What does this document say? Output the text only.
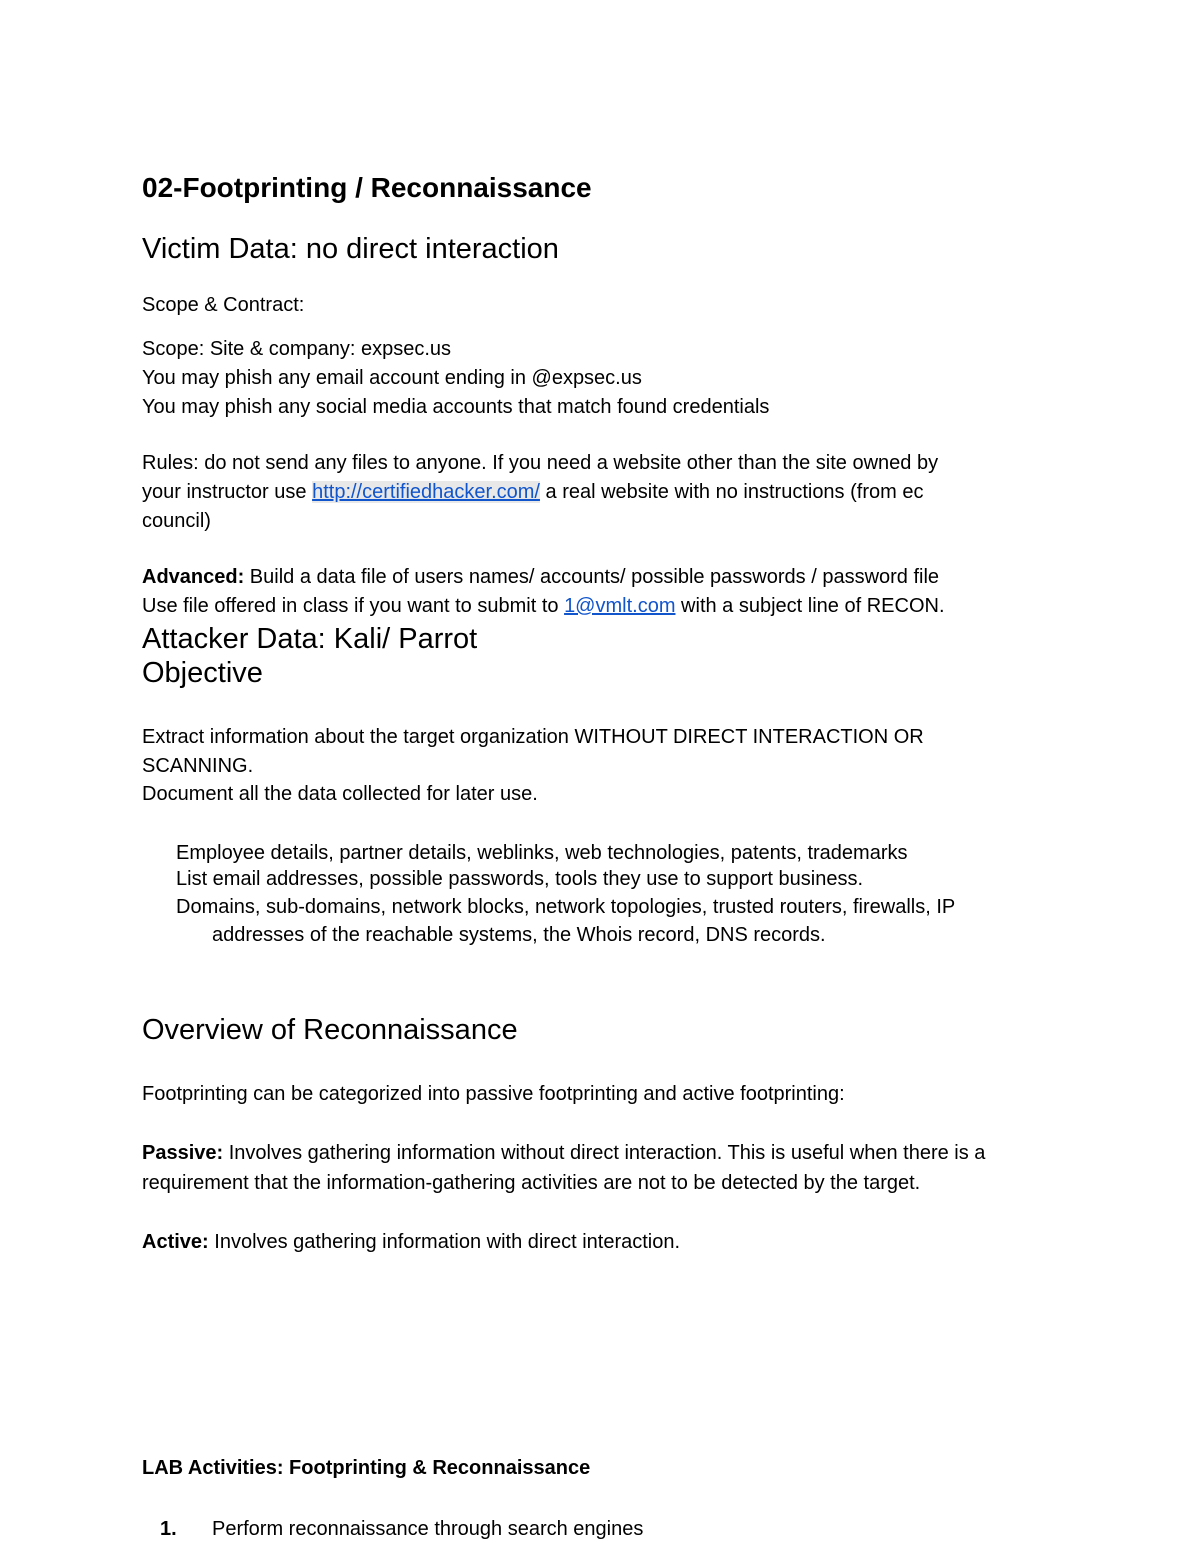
02-Footprinting / Reconnaissance

Victim Data: no direct interaction

Scope & Contract:

Scope: Site & company: expsec.us

You may phish any email account ending in @expsec.us

You may phish any social media accounts that match found credentials

Rules: do not send any files to anyone. If you need a website other than the site owned by

your instructor use http://certifiedhacker.com/ a real website with no instructions (from ec

council)

Advanced: Build a data file of users names/ accounts/ possible passwords / password file

Use file offered in class if you want to submit to 1@vmlt.com with a subject line of RECON.

Attacker Data: Kali/ Parrot

Objective

Extract information about the target organization WITHOUT DIRECT INTERACTION OR

SCANNING.

Document all the data collected for later use.

Employee details, partner details, weblinks, web technologies, patents, trademarks

List email addresses, possible passwords, tools they use to support business.

Domains, sub-domains, network blocks, network topologies, trusted routers, firewalls, IP

addresses of the reachable systems, the Whois record, DNS records.

Overview of Reconnaissance

Footprinting can be categorized into passive footprinting and active footprinting:

Passive: Involves gathering information without direct interaction. This is useful when there is a

requirement that the information-gathering activities are not to be detected by the target.

Active: Involves gathering information with direct interaction.

LAB Activities: Footprinting & Reconnaissance

1. Perform reconnaissance through search engines
